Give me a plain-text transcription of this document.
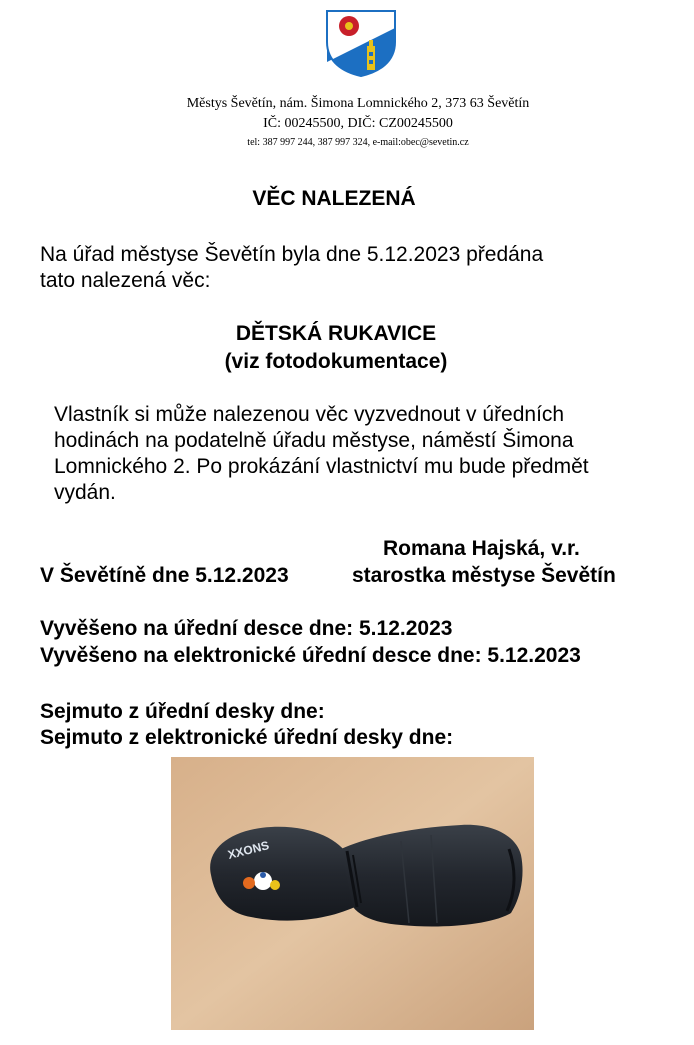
Městys Ševětín, nám. Šimona Lomnického 2, 373 63 Ševětín
IČ: 00245500, DIČ: CZ00245500
tel: 387 997 244, 387 997 324, e-mail:obec@sevetin.cz
VĚC NALEZENÁ
Na úřad městyse Ševětín byla dne 5.12.2023 předána
tato nalezená věc:
DĚTSKÁ RUKAVICE
(viz fotodokumentace)
Vlastník si může nalezenou věc vyzvednout v úředních
hodinách na podatelně úřadu městyse, náměstí Šimona
Lomnického 2. Po prokázání vlastnictví mu bude předmět
vydán.
Romana Hajská, v.r.
V Ševětíně dne 5.12.2023	starostka městyse Ševětín
Vyvěšeno na úřední desce dne: 5.12.2023
Vyvěšeno na elektronické úřední desce dne: 5.12.2023
Sejmuto z úřední desky dne:
Sejmuto z elektronické úřední desky dne:
XXONS
